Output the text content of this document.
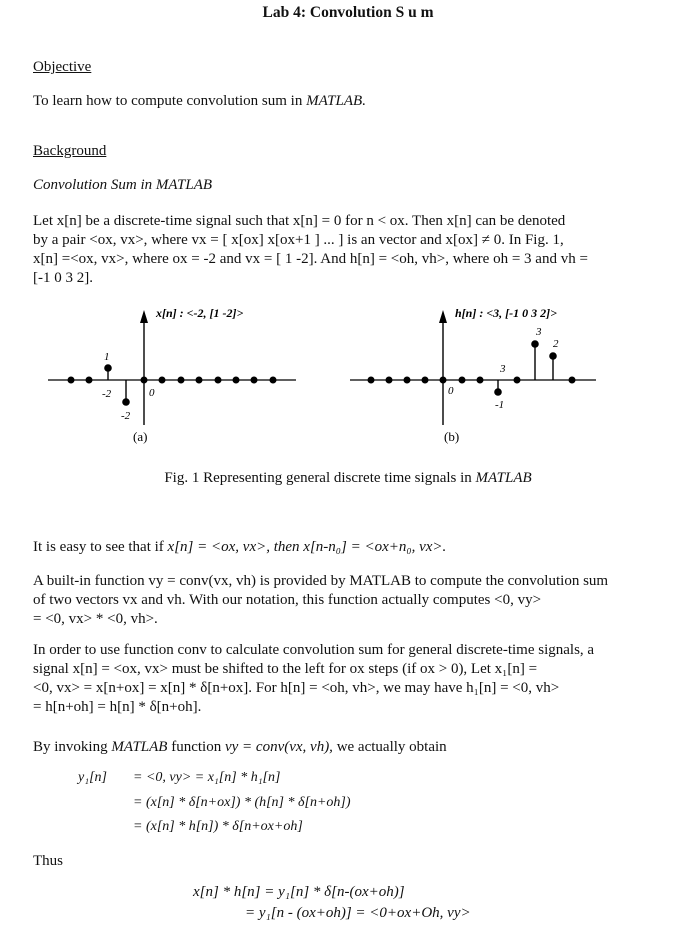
Lab 4: Convolution S u m
Objective
To learn how to compute convolution sum in MATLAB.
Background
Convolution Sum in MATLAB
Let x[n] be a discrete-time signal such that x[n] = 0 for n < ox. Then x[n] can be denoted
by a pair <ox, vx>, where vx = [ x[ox] x[ox+1 ] ... ] is an vector and x[ox] ≠ 0. In Fig. 1,
x[n] =<ox, vx>, where ox = -2 and vx = [ 1 -2]. And h[n] = <oh, vh>, where oh = 3 and vh =
[-1 0 3 2].
x[n] : <-2, [1 -2]>
1
-2	0
-2
(a)
h[n] : <3, [-1 0 3 2]>
3
2
3
0
-1
(b)
Fig. 1 Representing general discrete time signals in MATLAB
It is easy to see that if x[n] = <ox, vx>, then x[n-n₀] = <ox+n₀, vx>.
A built-in function vy = conv(vx, vh) is provided by MATLAB to compute the convolution sum
of two vectors vx and vh. With our notation, this function actually computes <0, vy>
= <0, vx> * <0, vh>.
In order to use function conv to calculate convolution sum for general discrete-time signals, a
signal x[n] = <ox, vx> must be shifted to the left for ox steps (if ox > 0), Let x₁[n] =
<0, vx> = x[n+ox] = x[n] * δ[n+ox]. For h[n] = <oh, vh>, we may have h₁[n] = <0, vh>
= h[n+oh] = h[n] * δ[n+oh].
By invoking MATLAB function vy = conv(vx, vh), we actually obtain
y₁[n] = <0, vy> = x₁[n] * h₁[n]
= (x[n] * δ[n+ox]) * (h[n] * δ[n+oh])
= (x[n] * h[n]) * δ[n+ox+oh]
Thus
x[n] * h[n] = y₁[n] * δ[n-(ox+oh)]
= y₁[n - (ox+oh)] = <0+ox+Oh, vy>
